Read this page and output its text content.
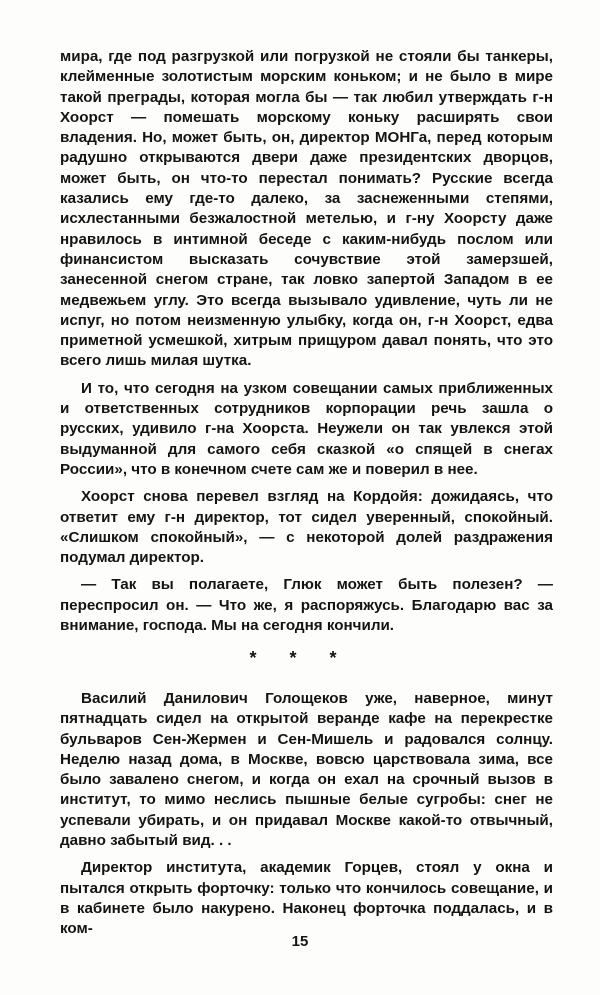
мира, где под разгрузкой или погрузкой не стояли бы танкеры, клейменные золотистым морским коньком; и не было в мире такой преграды, которая могла бы — так любил утверждать г-н Хоорст — помешать морскому коньку расширять свои владения. Но, может быть, он, директор МОНГа, перед которым радушно открываются двери даже президентских дворцов, может быть, он что-то перестал понимать? Русские всегда казались ему где-то далеко, за заснеженными степями, исхлестанными безжалостной метелью, и г-ну Хоорсту даже нравилось в интимной беседе с каким-нибудь послом или финансистом высказать сочувствие этой замерзшей, занесенной снегом стране, так ловко запертой Западом в ее медвежьем углу. Это всегда вызывало удивление, чуть ли не испуг, но потом неизменную улыбку, когда он, г-н Хоорст, едва приметной усмешкой, хитрым прищуром давал понять, что это всего лишь милая шутка.

И то, что сегодня на узком совещании самых приближенных и ответственных сотрудников корпорации речь зашла о русских, удивило г-на Хоорста. Неужели он так увлекся этой выдуманной для самого себя сказкой «о спящей в снегах России», что в конечном счете сам же и поверил в нее.

Хоорст снова перевел взгляд на Кордойя: дожидаясь, что ответит ему г-н директор, тот сидел уверенный, спокойный. «Слишком спокойный», — с некоторой долей раздражения подумал директор.

— Так вы полагаете, Глюк может быть полезен? — переспросил он. — Что же, я распоряжусь. Благодарю вас за внимание, господа. Мы на сегодня кончили.

* * *

Василий Данилович Голощеков уже, наверное, минут пятнадцать сидел на открытой веранде кафе на перекрестке бульваров Сен-Жермен и Сен-Мишель и радовался солнцу. Неделю назад дома, в Москве, вовсю царствовала зима, все было завалено снегом, и когда он ехал на срочный вызов в институт, то мимо неслись пышные белые сугробы: снег не успевали убирать, и он придавал Москве какой-то отвычный, давно забытый вид. . .

Директор института, академик Горцев, стоял у окна и пытался открыть форточку: только что кончилось совещание, и в кабинете было накурено. Наконец форточка поддалась, и в ком-

15
